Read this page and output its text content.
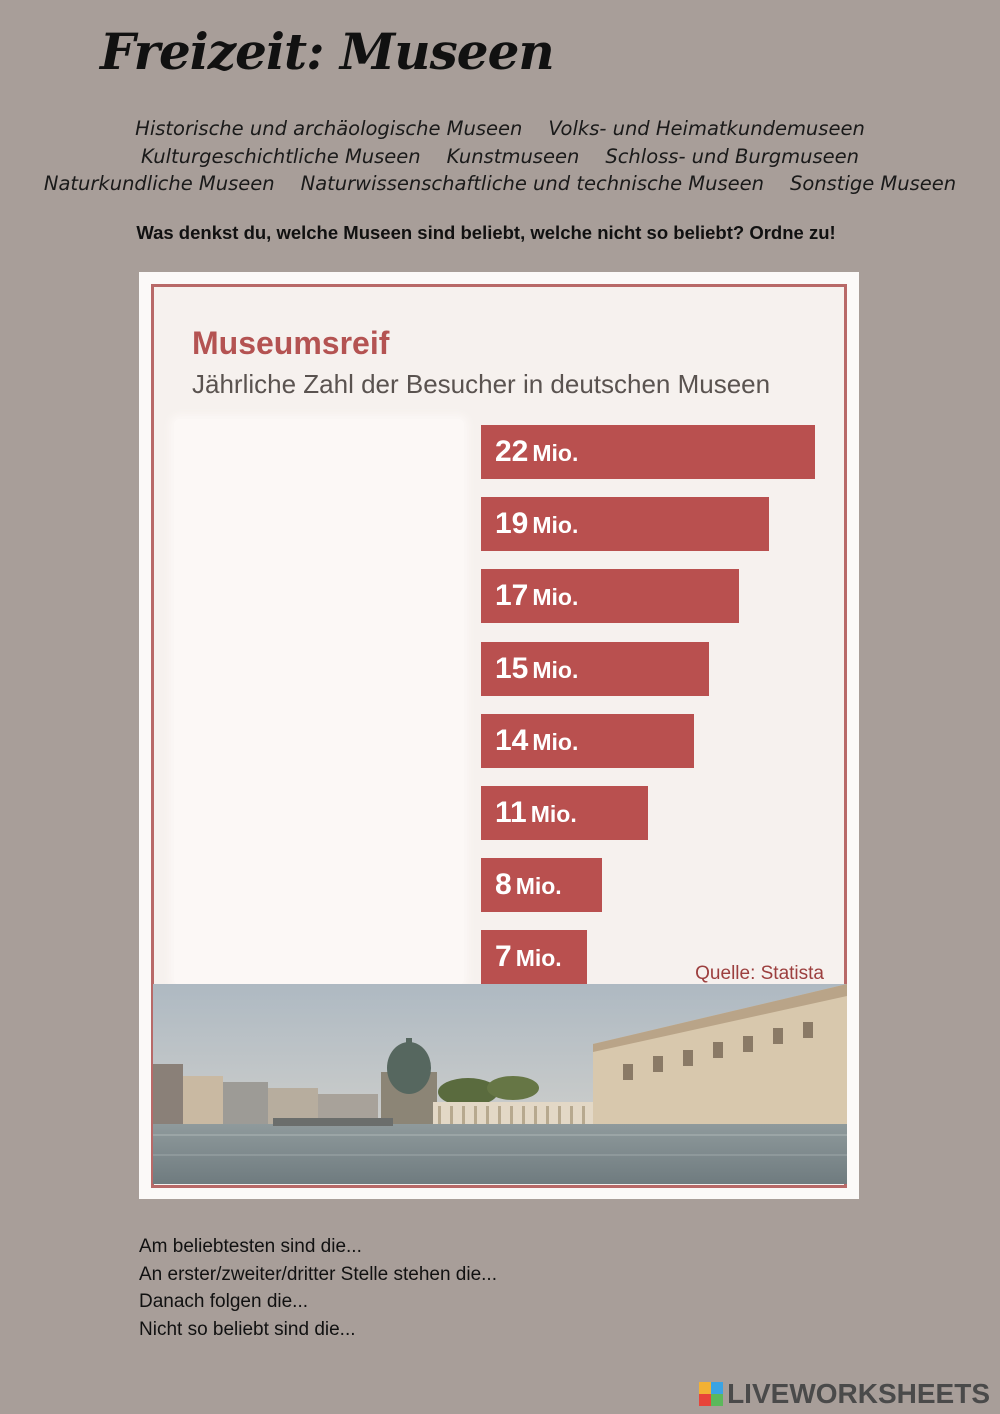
Freizeit: Museen
Historische und archäologische Museen Volks- und HeimatkundemuseenKulturgeschichtliche Museen Kunstmuseen Schloss- und BurgmuseenNaturkundliche Museen Naturwissenschaftliche und technische Museen Sonstige Museen
Was denkst du, welche Museen sind beliebt, welche nicht so beliebt? Ordne zu!
Museumsreif
Jährliche Zahl der Besucher in deutschen Museen
22 Mio.
19 Mio.
17 Mio.
15 Mio.
14 Mio.
11 Mio.
8 Mio.
7 Mio.
Quelle: Statista
Am beliebtesten sind die...
An erster/zweiter/dritter Stelle stehen die...
Danach folgen die...
Nicht so beliebt sind die...
LIVEWORKSHEETS
